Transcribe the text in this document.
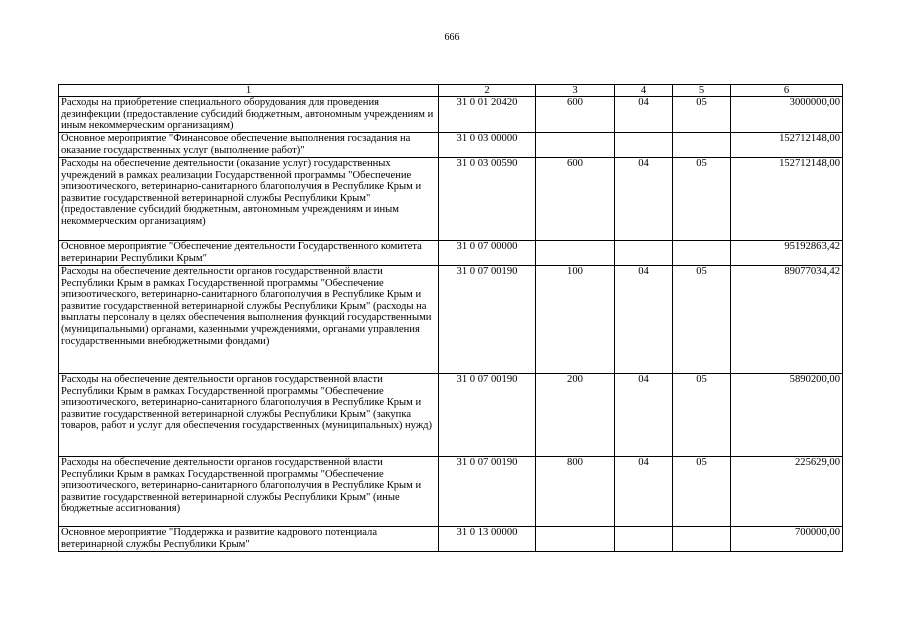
666
1	2	3	4	5	6
Расходы на приобретение специального оборудования для проведения дезинфекции (предоставление субсидий бюджетным, автономным учреждениям и иным некоммерческим организациям)	31 0 01 20420	600	04	05	3000000,00
Основное мероприятие "Финансовое обеспечение выполнения госзадания на оказание государственных услуг (выполнение работ)"	31 0 03 00000				152712148,00
Расходы на обеспечение деятельности (оказание услуг) государственных учреждений в рамках реализации Государственной программы "Обеспечение эпизоотического, ветеринарно-санитарного благополучия в Республике Крым и развитие государственной ветеринарной службы Республики Крым" (предоставление субсидий бюджетным, автономным учреждениям и иным некоммерческим организациям)	31 0 03 00590	600	04	05	152712148,00
Основное мероприятие "Обеспечение деятельности Государственного комитета ветеринарии Республики Крым"	31 0 07 00000				95192863,42
Расходы на обеспечение деятельности органов государственной власти Республики Крым в рамках Государственной программы "Обеспечение эпизоотического, ветеринарно-санитарного благополучия в Республике Крым и развитие государственной ветеринарной службы Республики Крым" (расходы на выплаты персоналу в целях обеспечения выполнения функций государственными (муниципальными) органами, казенными учреждениями, органами управления государственными внебюджетными фондами)	31 0 07 00190	100	04	05	89077034,42
Расходы на обеспечение деятельности органов государственной власти Республики Крым в рамках Государственной программы "Обеспечение эпизоотического, ветеринарно-санитарного благополучия в Республике Крым и развитие государственной ветеринарной службы Республики Крым" (закупка товаров, работ и услуг для обеспечения государственных (муниципальных) нужд)	31 0 07 00190	200	04	05	5890200,00
Расходы на обеспечение деятельности органов государственной власти Республики Крым в рамках Государственной программы "Обеспечение эпизоотического, ветеринарно-санитарного благополучия в Республике Крым и развитие государственной ветеринарной службы Республики Крым" (иные бюджетные ассигнования)	31 0 07 00190	800	04	05	225629,00
Основное мероприятие "Поддержка и развитие кадрового потенциала ветеринарной службы Республики Крым"	31 0 13 00000				700000,00
